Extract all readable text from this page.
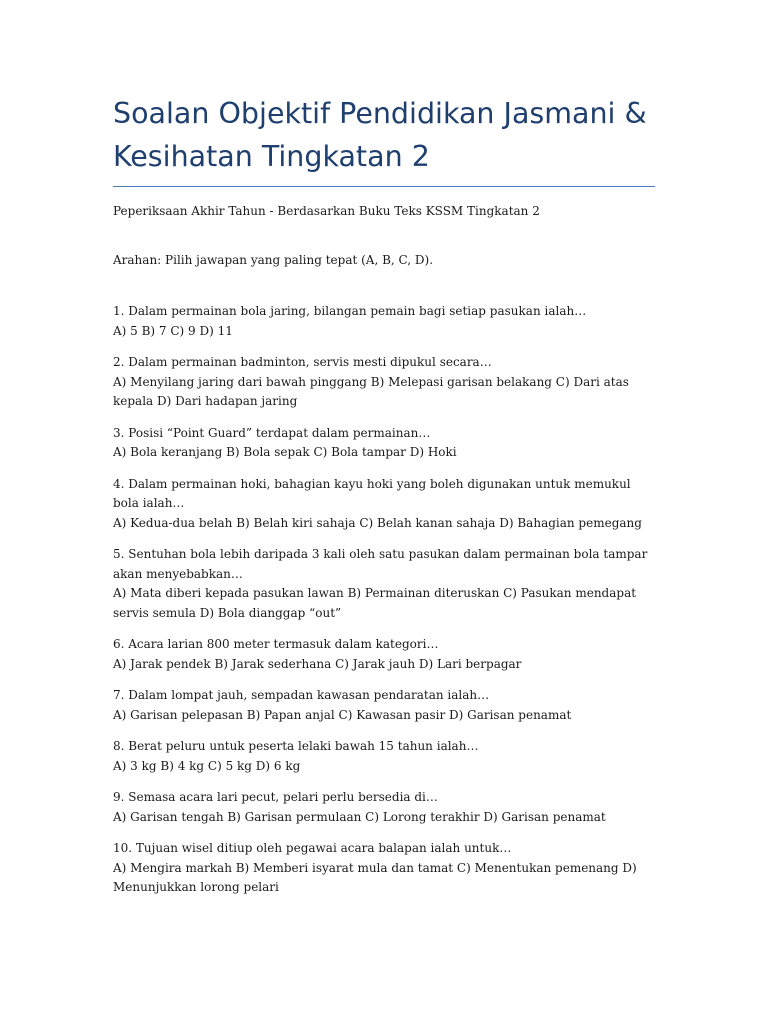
Soalan Objektif Pendidikan Jasmani & Kesihatan Tingkatan 2

Peperiksaan Akhir Tahun - Berdasarkan Buku Teks KSSM Tingkatan 2

Arahan: Pilih jawapan yang paling tepat (A, B, C, D).

1. Dalam permainan bola jaring, bilangan pemain bagi setiap pasukan ialah…
A) 5 B) 7 C) 9 D) 11
2. Dalam permainan badminton, servis mesti dipukul secara…
A) Menyilang jaring dari bawah pinggang B) Melepasi garisan belakang C) Dari atas kepala D) Dari hadapan jaring
3. Posisi “Point Guard” terdapat dalam permainan…
A) Bola keranjang B) Bola sepak C) Bola tampar D) Hoki
4. Dalam permainan hoki, bahagian kayu hoki yang boleh digunakan untuk memukul bola ialah…
A) Kedua-dua belah B) Belah kiri sahaja C) Belah kanan sahaja D) Bahagian pemegang
5. Sentuhan bola lebih daripada 3 kali oleh satu pasukan dalam permainan bola tampar akan menyebabkan…
A) Mata diberi kepada pasukan lawan B) Permainan diteruskan C) Pasukan mendapat servis semula D) Bola dianggap “out”
6. Acara larian 800 meter termasuk dalam kategori…
A) Jarak pendek B) Jarak sederhana C) Jarak jauh D) Lari berpagar
7. Dalam lompat jauh, sempadan kawasan pendaratan ialah…
A) Garisan pelepasan B) Papan anjal C) Kawasan pasir D) Garisan penamat
8. Berat peluru untuk peserta lelaki bawah 15 tahun ialah…
A) 3 kg B) 4 kg C) 5 kg D) 6 kg
9. Semasa acara lari pecut, pelari perlu bersedia di…
A) Garisan tengah B) Garisan permulaan C) Lorong terakhir D) Garisan penamat
10. Tujuan wisel ditiup oleh pegawai acara balapan ialah untuk…
A) Mengira markah B) Memberi isyarat mula dan tamat C) Menentukan pemenang D) Menunjukkan lorong pelari
